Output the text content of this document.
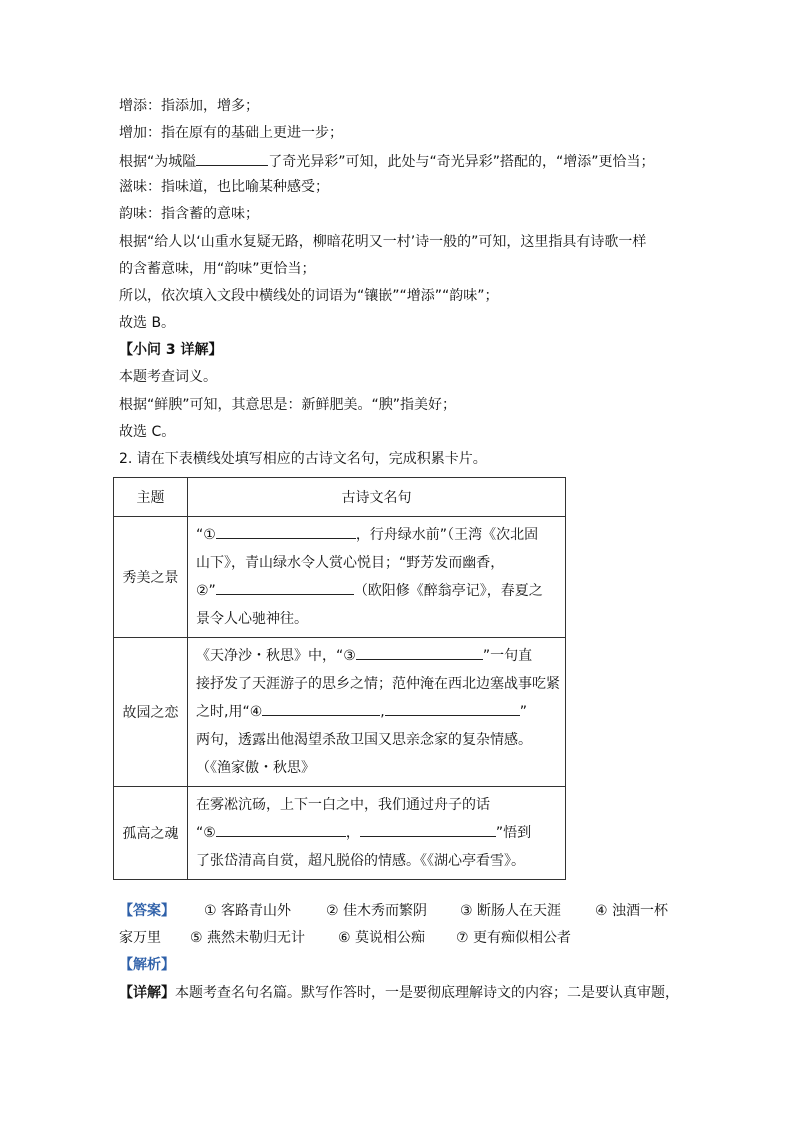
增添：指添加，增多；
增加：指在原有的基础上更进一步；
根据“为城隘	了奇光异彩”可知，此处与“奇光异彩”搭配的，“增添”更恰当；
滋味：指味道，也比喻某种感受；
韵味：指含蓄的意味；
根据“给人以‘山重水复疑无路，柳暗花明又一村’诗一般的”可知，这里指具有诗歌一样
的含蓄意味，用“韵味”更恰当；
所以，依次填入文段中横线处的词语为“镶嵌”“增添”“韵味”；
故选 B。
【小问 3 详解】
本题考查词义。
根据“鲜腴”可知，其意思是：新鲜肥美。“腴”指美好；
故选 C。
2. 请在下表横线处填写相应的古诗文名句，完成积累卡片。
主题	古诗文名句
秀美之景	“① ，行舟绿水前”（王湾《次北固
山下》，青山绿水令人赏心悦目；“野芳发而幽香，
②” （欧阳修《醉翁亭记》，春夏之
景令人心驰神往。

故园之恋	《天净沙・秋思》中，“③ ”一句直
接抒发了天涯游子的思乡之情；范仲淹在西北边塞战事吃紧
之时,用“④ , ”
两句，透露出他渴望杀敌卫国又思亲念家的复杂情感。
（《渔家傲・秋思》

孤高之魂	在雾凇沆砀，上下一白之中，我们通过舟子的话
“⑤ ， ”悟到
了张岱清高自赏，超凡脱俗的情感。《《湖心亭看雪》。
【答案】 ① 客路青山外 ② 佳木秀而繁阴 ③ 断肠人在天涯 ④ 浊酒一杯
家万里 ⑤ 燕然未勒归无计 ⑥ 莫说相公痴 ⑦ 更有痴似相公者
【解析】
【详解】本题考查名句名篇。默写作答时，一是要彻底理解诗文的内容；二是要认真审题，
